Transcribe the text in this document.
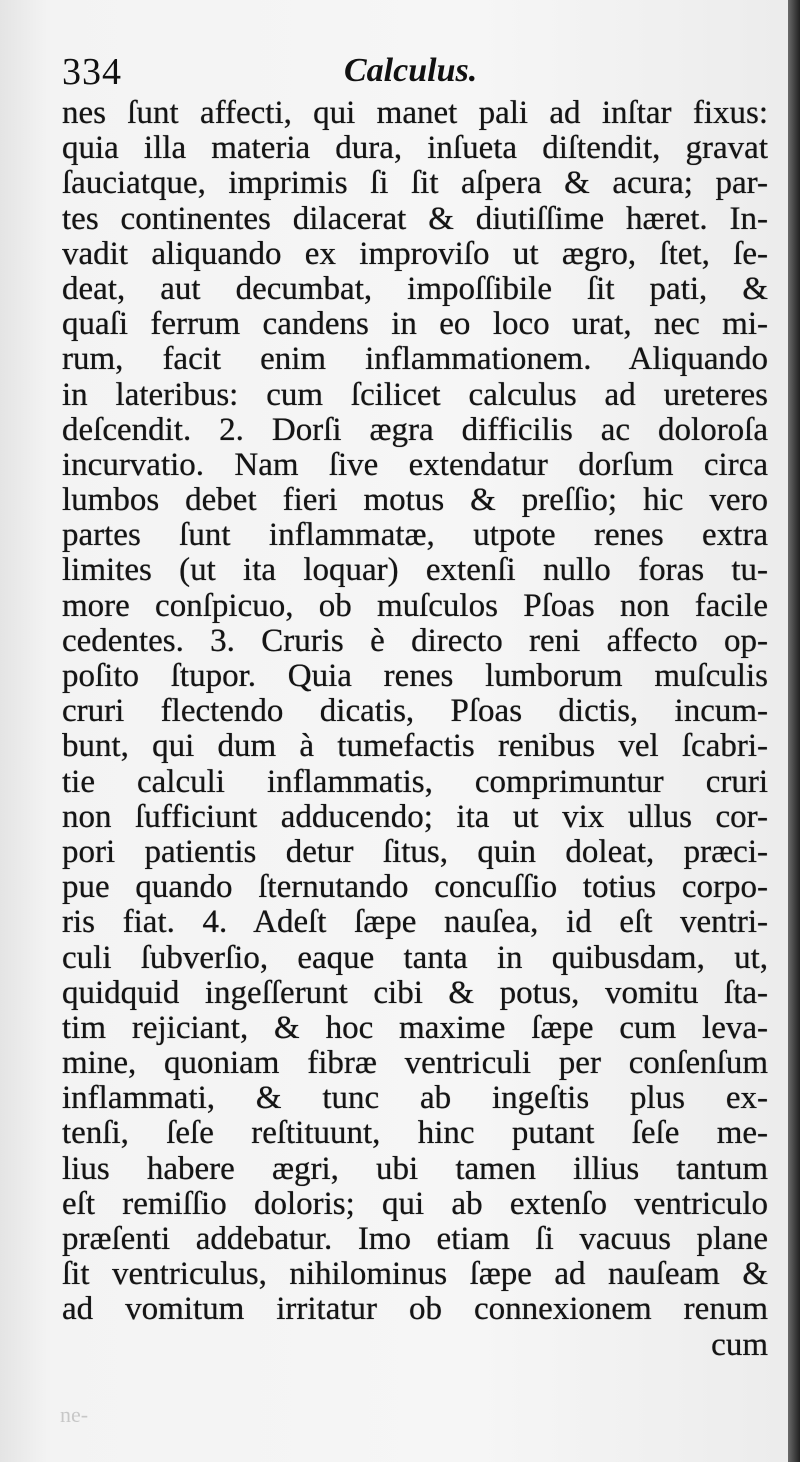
334	Calculus.
nes ſunt affecti, qui manet pali ad inſtar fixus:
quia illa materia dura, inſueta diſtendit, gravat
ſauciatque, imprimis ſi ſit aſpera & acura; par-
tes continentes dilacerat & diutiſſime hæret. In-
vadit aliquando ex improviſo ut ægro, ſtet, ſe-
deat, aut decumbat, impoſſibile ſit pati, &
quaſi ferrum candens in eo loco urat, nec mi-
rum, facit enim inflammationem. Aliquando
in lateribus: cum ſcilicet calculus ad ureteres
deſcendit. 2. Dorſi ægra difficilis ac doloroſa
incurvatio. Nam ſive extendatur dorſum circa
lumbos debet fieri motus & preſſio; hic vero
partes ſunt inflammatæ, utpote renes extra
limites (ut ita loquar) extenſi nullo foras tu-
more conſpicuo, ob muſculos Pſoas non facile
cedentes. 3. Cruris è directo reni affecto op-
poſito ſtupor. Quia renes lumborum muſculis
cruri flectendo dicatis, Pſoas dictis, incum-
bunt, qui dum à tumefactis renibus vel ſcabri-
tie calculi inflammatis, comprimuntur cruri
non ſufficiunt adducendo; ita ut vix ullus cor-
pori patientis detur ſitus, quin doleat, præci-
pue quando ſternutando concuſſio totius corpo-
ris fiat. 4. Adeſt ſæpe nauſea, id eſt ventri-
culi ſubverſio, eaque tanta in quibusdam, ut,
quidquid ingeſſerunt cibi & potus, vomitu ſta-
tim rejiciant, & hoc maxime ſæpe cum leva-
mine, quoniam fibræ ventriculi per conſenſum
inflammati, & tunc ab ingeſtis plus ex-
tenſi, ſeſe reſtituunt, hinc putant ſeſe me-
lius habere ægri, ubi tamen illius tantum
eſt remiſſio doloris; qui ab extenſo ventriculo
præſenti addebatur. Imo etiam ſi vacuus plane
ſit ventriculus, nihilominus ſæpe ad nauſeam &
ad vomitum irritatur ob connexionem renum
cum
ne-
